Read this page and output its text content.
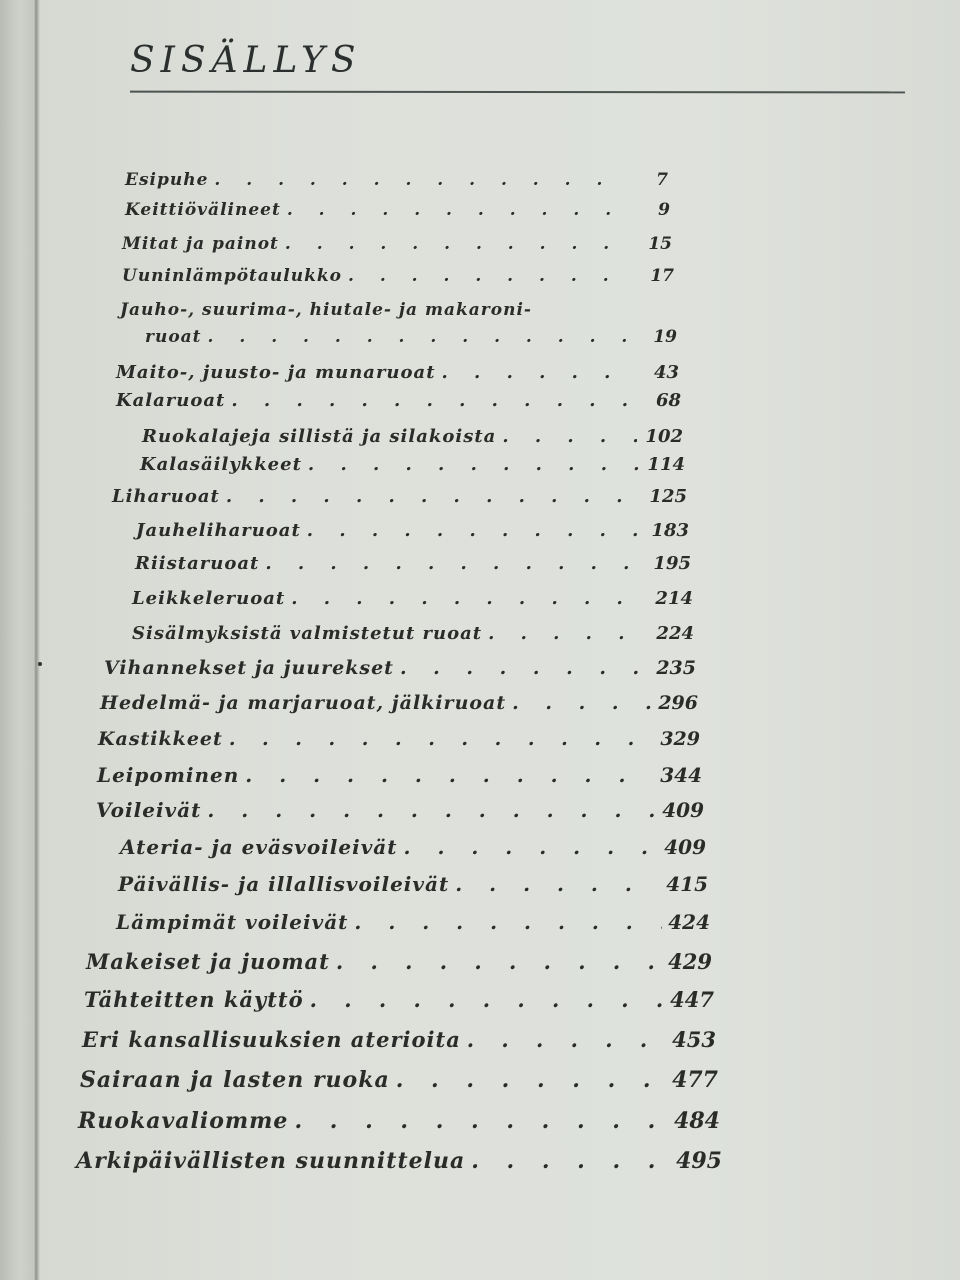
SISÄLLYS
Esipuhe . . .	7
Keittiövälineet . . .	9
Mitat ja painot . . .	15
Uuninlämpötaulukko . . .	17
Jauho-, suurima-, hiutale- ja makaroni-
ruoat . . .	19
Maito-, juusto- ja munaruoat . . .	43
Kalaruoat . . .	68
Ruokalajeja sillistä ja silakoista . . .	102
Kalasäilykkeet . . .	114
Liharuoat . . .	125
Jauheliharuoat . . .	183
Riistaruoat . . .	195
Leikkeleruoat . . .	214
Sisälmyksistä valmistetut ruoat . . .	224
Vihannekset ja juurekset . . .	235
Hedelmä- ja marjaruoat, jälkiruoat . . .	296
Kastikkeet . . .	329
Leipominen . . .	344
Voileivät . . .	409
Ateria- ja eväsvoileivät . . .	409
Päivällis- ja illallisvoileivät . . .	415
Lämpimät voileivät . . .	424
Makeiset ja juomat . . .	429
Tähteitten käyttö . . .	447
Eri kansallisuuksien aterioita . . .	453
Sairaan ja lasten ruoka . . .	477
Ruokavaliomme . . .	484
Arkipäivällisten suunnittelua . . .	495
